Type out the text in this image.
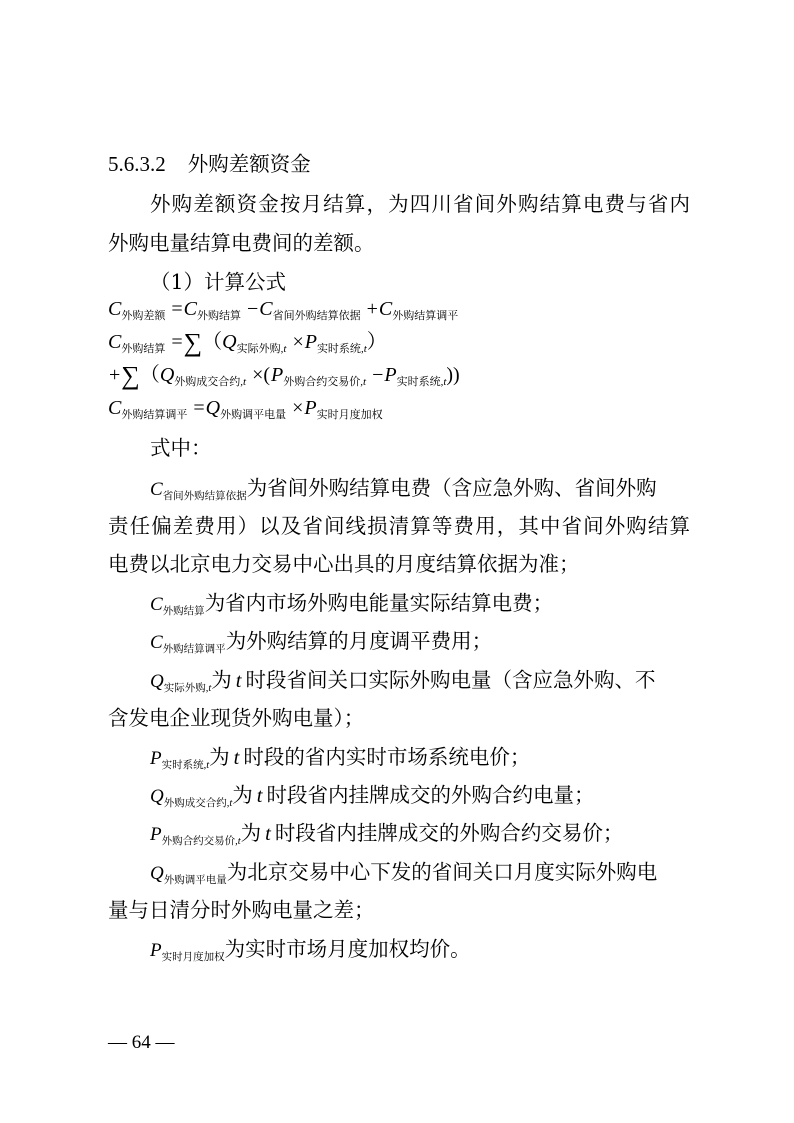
5.6.3.2 外购差额资金
外购差额资金按月结算，为四川省间外购结算电费与省内
外购电量结算电费间的差额。
（1）计算公式
$C_{外购差额} =C_{外购结算} -C_{省间外购结算依据} +C_{外购结算调平}$
$C_{外购结算} =\sum(Q_{实际外购,t} \times P_{实时系统,t})$
$+\sum(Q_{外购成交合约,t} \times(P_{外购合约交易价,t} -P_{实时系统,t}))$
$C_{外购结算调平} =Q_{外购调平电量} \times P_{实时月度加权}$
式中：
C省间外购结算依据为省间外购结算电费（含应急外购、省间外购
责任偏差费用）以及省间线损清算等费用，其中省间外购结算
电费以北京电力交易中心出具的月度结算依据为准；
C外购结算为省内市场外购电能量实际结算电费；
C外购结算调平为外购结算的月度调平费用；
Q实际外购,t为 t 时段省间关口实际外购电量（含应急外购、不
含发电企业现货外购电量）；
P实时系统,t为 t 时段的省内实时市场系统电价；
Q外购成交合约,t为 t 时段省内挂牌成交的外购合约电量；
P外购合约交易价,t为 t 时段省内挂牌成交的外购合约交易价；
Q外购调平电量为北京交易中心下发的省间关口月度实际外购电
量与日清分时外购电量之差；
P实时月度加权为实时市场月度加权均价。
— 64 —
